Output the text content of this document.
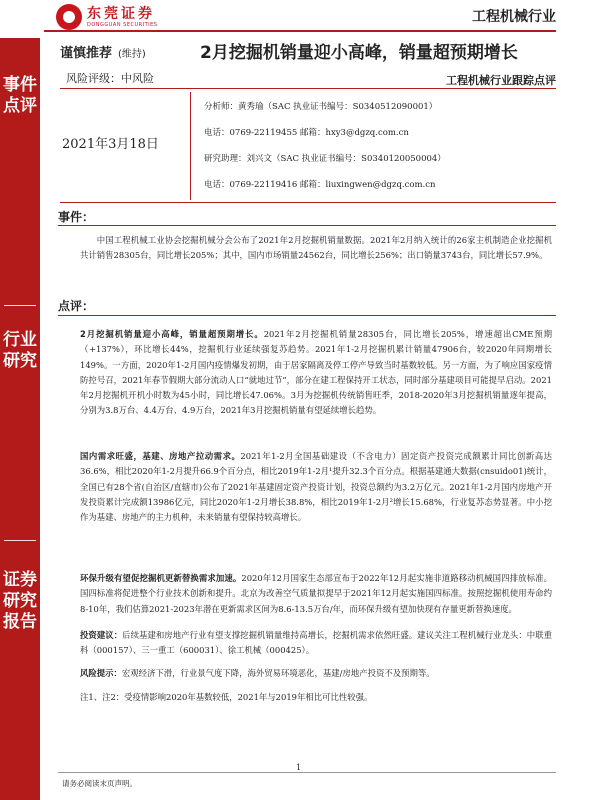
事件点评
行业研究
证券研究报告
东莞证券
DONGGUAN SECURITIES	工程机械行业
谨慎推荐 (维持)	2月挖掘机销量迎小高峰，销量超预期增长
风险评级：中风险	工程机械行业跟踪点评
2021年3月18日
分析师：黄秀瑜（SAC 执业证书编号：S0340512090001）
电话：0769-22119455 邮箱：hxy3@dgzq.com.cn
研究助理：刘兴文（SAC 执业证书编号：S0340120050004）
电话：0769-22119416 邮箱：liuxingwen@dgzq.com.cn
事件：
中国工程机械工业协会挖掘机械分会公布了2021年2月挖掘机销量数据。2021年2月纳入统计的26家主机制造企业挖掘机共计销售28305台，同比增长205%；其中，国内市场销量24562台，同比增长256%；出口销量3743台，同比增长57.9%。
点评：

2月挖掘机销量迎小高峰，销量超预期增长。2021年2月挖掘机销量28305台，同比增长205%，增速超出CME预期（+137%），环比增长44%，挖掘机行业延续强复苏趋势。2021年1-2月挖掘机累计销量47906台，较2020年同期增长149%。一方面，2020年1-2月国内疫情爆发初期，由于居家隔离及停工停产导致当时基数较低。另一方面，为了响应国家疫情防控号召，2021年春节假期大部分流动人口“就地过节”，部分在建工程保持开工状态，同时部分基建项目可能提早启动。2021年2月挖掘机开机小时数为45小时，同比增长47.06%。3月为挖掘机传统销售旺季，2018-2020年3月挖掘机销量逐年提高，分别为3.8万台、4.4万台、4.9万台，2021年3月挖掘机销量有望延续增长趋势。

国内需求旺盛，基建、房地产拉动需求。2021年1-2月全国基础建设（不含电力）固定资产投资完成额累计同比创新高达36.6%，相比2020年1-2月提升66.9个百分点，相比2019年1-2月¹提升32.3个百分点。根据基建通大数据(cnsuido01)统计，全国已有28个省(自治区/直辖市)公布了2021年基建固定资产投资计划，投资总额约为3.2万亿元。2021年1-2月国内房地产开发投资累计完成额13986亿元，同比2020年1-2月增长38.8%，相比2019年1-2月²增长15.68%，行业复苏态势显著。中小挖作为基建、房地产的主力机种，未来销量有望保持较高增长。

环保升级有望促挖掘机更新替换需求加速。2020年12月国家生态部宣布于2022年12月起实施非道路移动机械国四排放标准。国四标准将促进整个行业技术创新和提升。北京为改善空气质量拟提早于2021年12月起实施国四标准。按照挖掘机使用寿命约8-10年，我们估算2021-2023年潜在更新需求区间为8.6-13.5万台/年，而环保升级有望加快现有存量更新替换速度。

投资建议：后续基建和房地产行业有望支撑挖掘机销量维持高增长，挖掘机需求依然旺盛。建议关注工程机械行业龙头：中联重科（000157）、三一重工（600031）、徐工机械（000425）。

风险提示：宏观经济下滑，行业景气度下降，海外贸易环境恶化，基建/房地产投资不及预期等。

注1、注2：受疫情影响2020年基数较低，2021年与2019年相比可比性较强。
1
请务必阅读末页声明。
